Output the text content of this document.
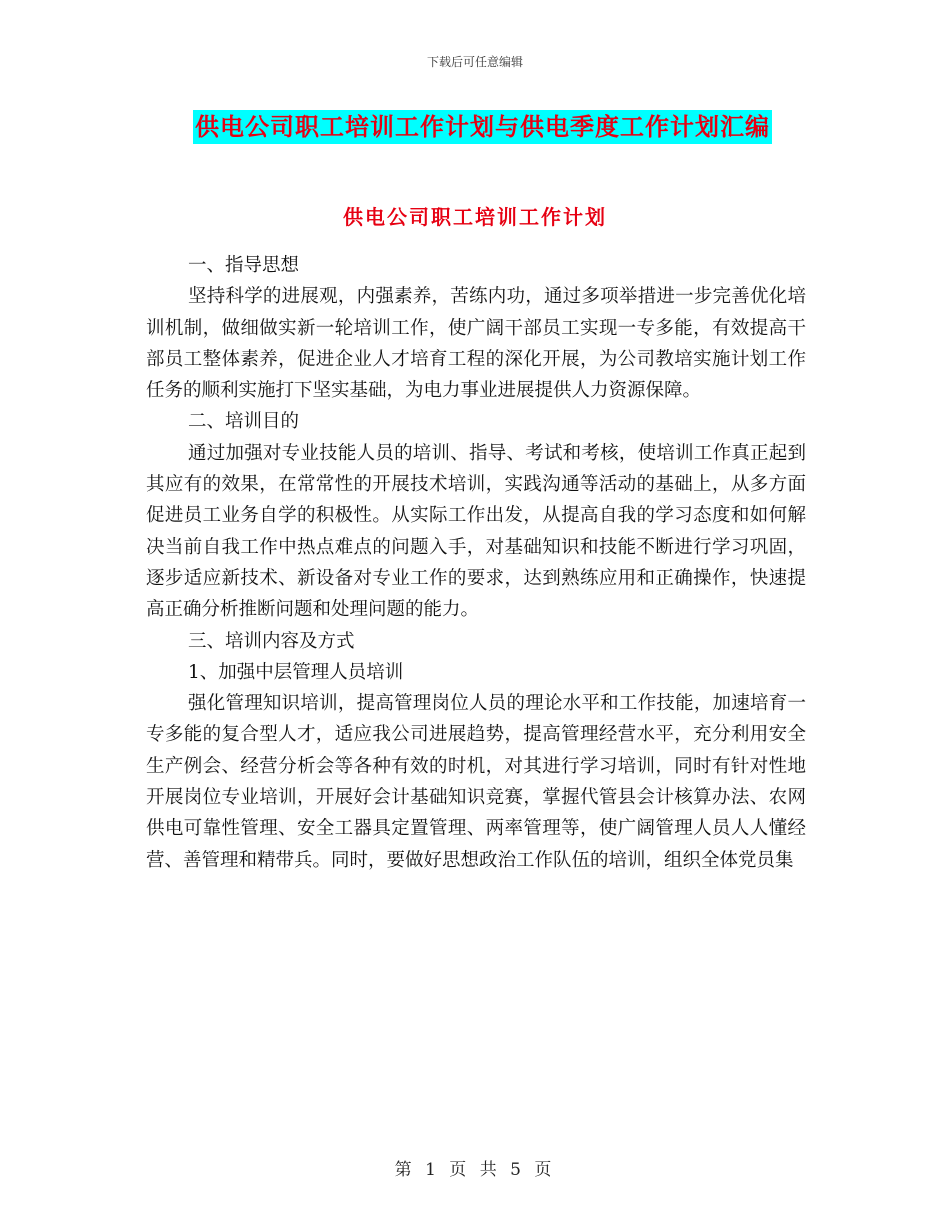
下载后可任意编辑
供电公司职工培训工作计划与供电季度工作计划汇编
供电公司职工培训工作计划

一、指导思想

坚持科学的进展观，内强素养，苦练内功，通过多项举措进一步完善优化培训机制，做细做实新一轮培训工作，使广阔干部员工实现一专多能，有效提高干部员工整体素养，促进企业人才培育工程的深化开展，为公司教培实施计划工作任务的顺利实施打下坚实基础，为电力事业进展提供人力资源保障。

二、培训目的

通过加强对专业技能人员的培训、指导、考试和考核，使培训工作真正起到其应有的效果，在常常性的开展技术培训，实践沟通等活动的基础上，从多方面促进员工业务自学的积极性。从实际工作出发，从提高自我的学习态度和如何解决当前自我工作中热点难点的问题入手，对基础知识和技能不断进行学习巩固，逐步适应新技术、新设备对专业工作的要求，达到熟练应用和正确操作，快速提高正确分析推断问题和处理问题的能力。

三、培训内容及方式

1、加强中层管理人员培训

强化管理知识培训，提高管理岗位人员的理论水平和工作技能，加速培育一专多能的复合型人才，适应我公司进展趋势，提高管理经营水平，充分利用安全生产例会、经营分析会等各种有效的时机，对其进行学习培训，同时有针对性地开展岗位专业培训，开展好会计基础知识竞赛，掌握代管县会计核算办法、农网供电可靠性管理、安全工器具定置管理、两率管理等，使广阔管理人员人人懂经营、善管理和精带兵。同时，要做好思想政治工作队伍的培训，组织全体党员集

第 1 页 共 5 页
